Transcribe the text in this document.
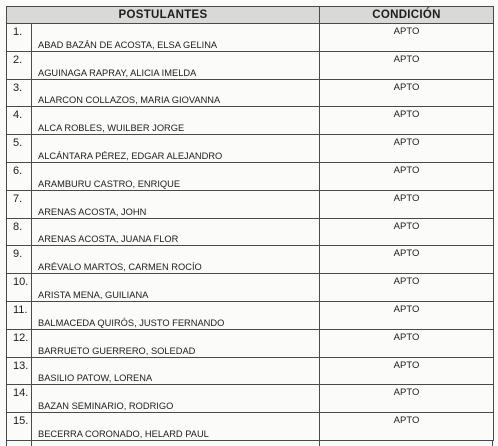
POSTULANTES		CONDICIÓN

1.	ABAD BAZÁN DE ACOSTA, ELSA GELINA	APTO

2.	AGUINAGA RAPRAY, ALICIA IMELDA	APTO

3.	ALARCON COLLAZOS, MARIA GIOVANNA	APTO

4.	ALCA ROBLES, WUILBER JORGE	APTO

5.	ALCÁNTARA PÉREZ, EDGAR ALEJANDRO	APTO

6.	ARAMBURU CASTRO, ENRIQUE	APTO

7.	ARENAS ACOSTA, JOHN	APTO

8.	ARENAS ACOSTA, JUANA FLOR	APTO

9.	ARÉVALO MARTOS, CARMEN ROCÍO	APTO

10.	ARISTA MENA, GUILIANA	APTO

11.	BALMACEDA QUIRÓS, JUSTO FERNANDO	APTO

12.	BARRUETO GUERRERO, SOLEDAD	APTO

13.	BASILIO PATOW, LORENA	APTO

14.	BAZAN SEMINARIO, RODRIGO	APTO

15.	BECERRA CORONADO, HELARD PAUL	APTO
